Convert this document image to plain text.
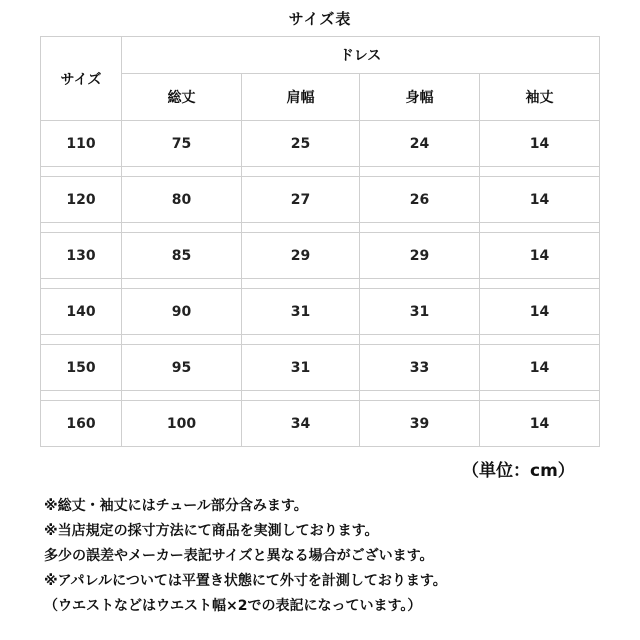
サイズ表
サイズ	ドレス			
	総丈	肩幅	身幅	袖丈
110	75	25	24	14

120	80	27	26	14

130	85	29	29	14

140	90	31	31	14

150	95	31	33	14

160	100	34	39	14
（単位：cm）
※総丈・袖丈にはチュール部分含みます。
※当店規定の採寸方法にて商品を実測しております。
多少の誤差やメーカー表記サイズと異なる場合がございます。
※アパレルについては平置き状態にて外寸を計測しております。
（ウエストなどはウエスト幅×2での表記になっています。）
